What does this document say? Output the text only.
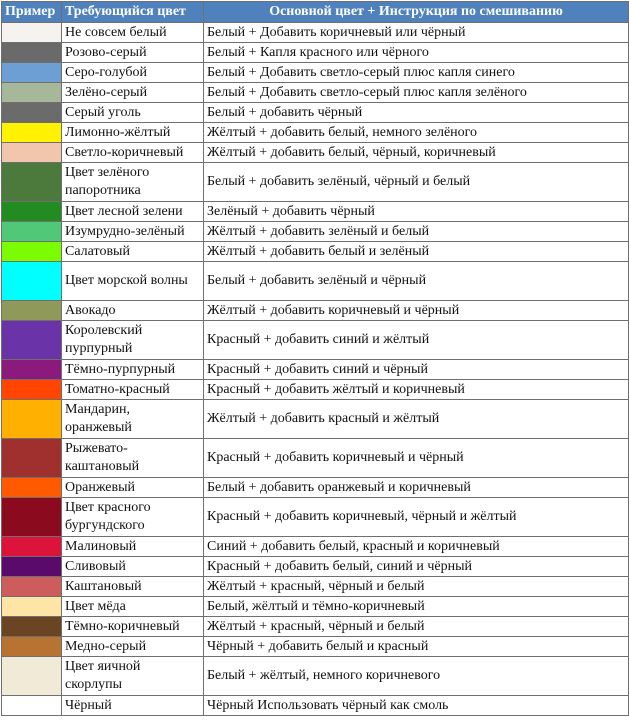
Пример	Требующийся цвет	Основной цвет + Инструкция по смешиванию
	Не совсем белый	Белый + Добавить коричневый или чёрный
	Розово-серый	Белый + Капля красного или чёрного
	Серо-голубой	Белый + Добавить светло-серый плюс капля синего
	Зелёно-серый	Белый + Добавить светло-серый плюс капля зелёного
	Серый уголь	Белый + добавить чёрный
	Лимонно-жёлтый	Жёлтый + добавить белый, немного зелёного
	Светло-коричневый	Жёлтый + добавить белый, чёрный, коричневый
	Цвет зелёного папоротника	Белый + добавить зелёный, чёрный и белый
	Цвет лесной зелени	Зелёный + добавить чёрный
	Изумрудно-зелёный	Жёлтый + добавить зелёный и белый
	Салатовый	Жёлтый + добавить белый и зелёный
	Цвет морской волны	Белый + добавить зелёный и чёрный
	Авокадо	Жёлтый + добавить коричневый и чёрный
	Королевский пурпурный	Красный + добавить синий и жёлтый
	Тёмно-пурпурный	Красный + добавить синий и чёрный
	Томатно-красный	Красный + добавить жёлтый и коричневый
	Мандарин, оранжевый	Жёлтый + добавить красный и жёлтый
	Рыжевато-каштановый	Красный + добавить коричневый и чёрный
	Оранжевый	Белый + добавить оранжевый и коричневый
	Цвет красного бургундского	Красный + добавить коричневый, чёрный и жёлтый
	Малиновый	Синий + добавить белый, красный и коричневый
	Сливовый	Красный + добавить белый, синий и чёрный
	Каштановый	Жёлтый + красный, чёрный и белый
	Цвет мёда	Белый, жёлтый и тёмно-коричневый
	Тёмно-коричневый	Жёлтый + красный, чёрный и белый
	Медно-серый	Чёрный + добавить белый и красный
	Цвет яичной скорлупы	Белый + жёлтый, немного коричневого
	Чёрный	Чёрный Использовать чёрный как смоль
